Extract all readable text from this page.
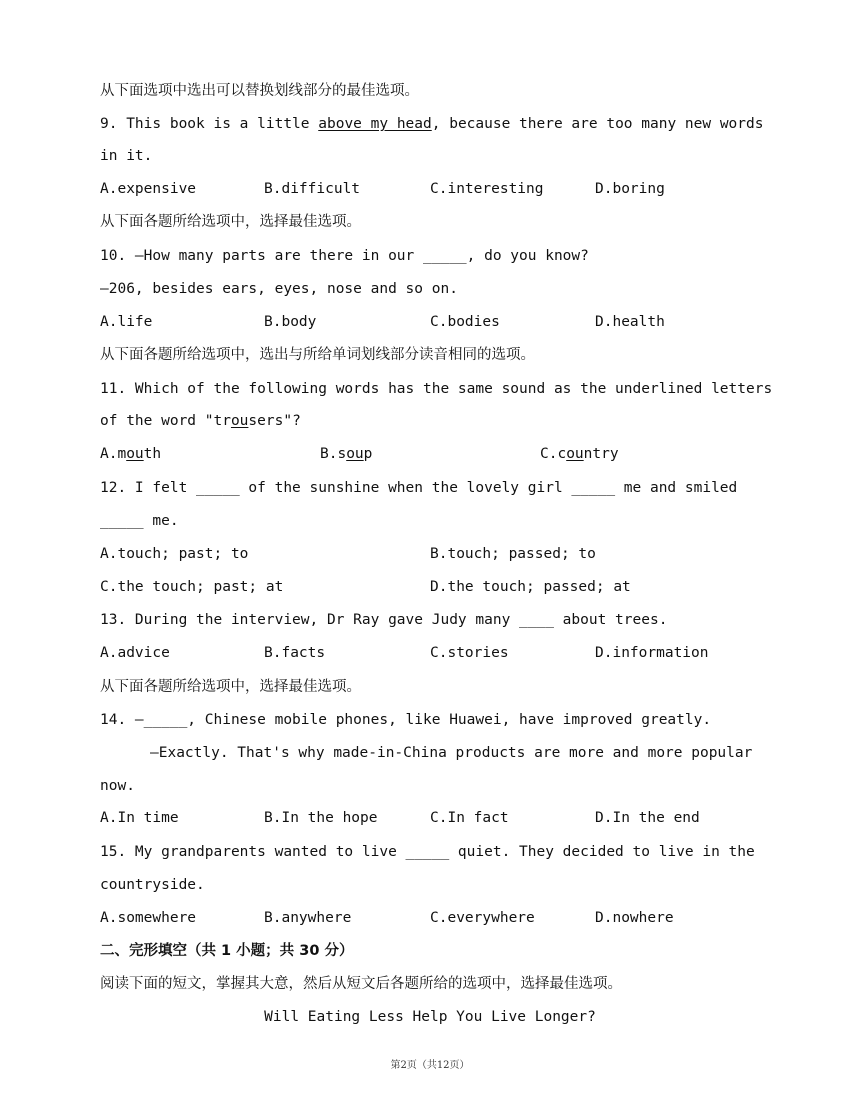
从下面选项中选出可以替换划线部分的最佳选项。
9. This book is a little above my head, because there are too many new words
in it.
A.expensive	B.difficult	C.interesting	D.boring
从下面各题所给选项中，选择最佳选项。
10. —How many parts are there in our _____, do you know?
—206, besides ears, eyes, nose and so on.
A.life	B.body	C.bodies	D.health
从下面各题所给选项中，选出与所给单词划线部分读音相同的选项。
11. Which of the following words has the same sound as the underlined letters
of the word "trousers"?
A.mouth	B.soup	C.country
12. I felt _____ of the sunshine when the lovely girl _____ me and smiled
_____ me.
A.touch; past; to	B.touch; passed; to
C.the touch; past; at	D.the touch; passed; at
13. During the interview, Dr Ray gave Judy many ____ about trees.
A.advice	B.facts	C.stories	D.information
从下面各题所给选项中，选择最佳选项。
14. —_____, Chinese mobile phones, like Huawei, have improved greatly.
—Exactly. That's why made-in-China products are more and more popular
now.
A.In time	B.In the hope	C.In fact	D.In the end
15. My grandparents wanted to live _____ quiet. They decided to live in the
countryside.
A.somewhere	B.anywhere	C.everywhere	D.nowhere
二、完形填空（共 1 小题；共 30 分）
阅读下面的短文，掌握其大意，然后从短文后各题所给的选项中，选择最佳选项。
Will Eating Less Help You Live Longer?
第2页（共12页）
